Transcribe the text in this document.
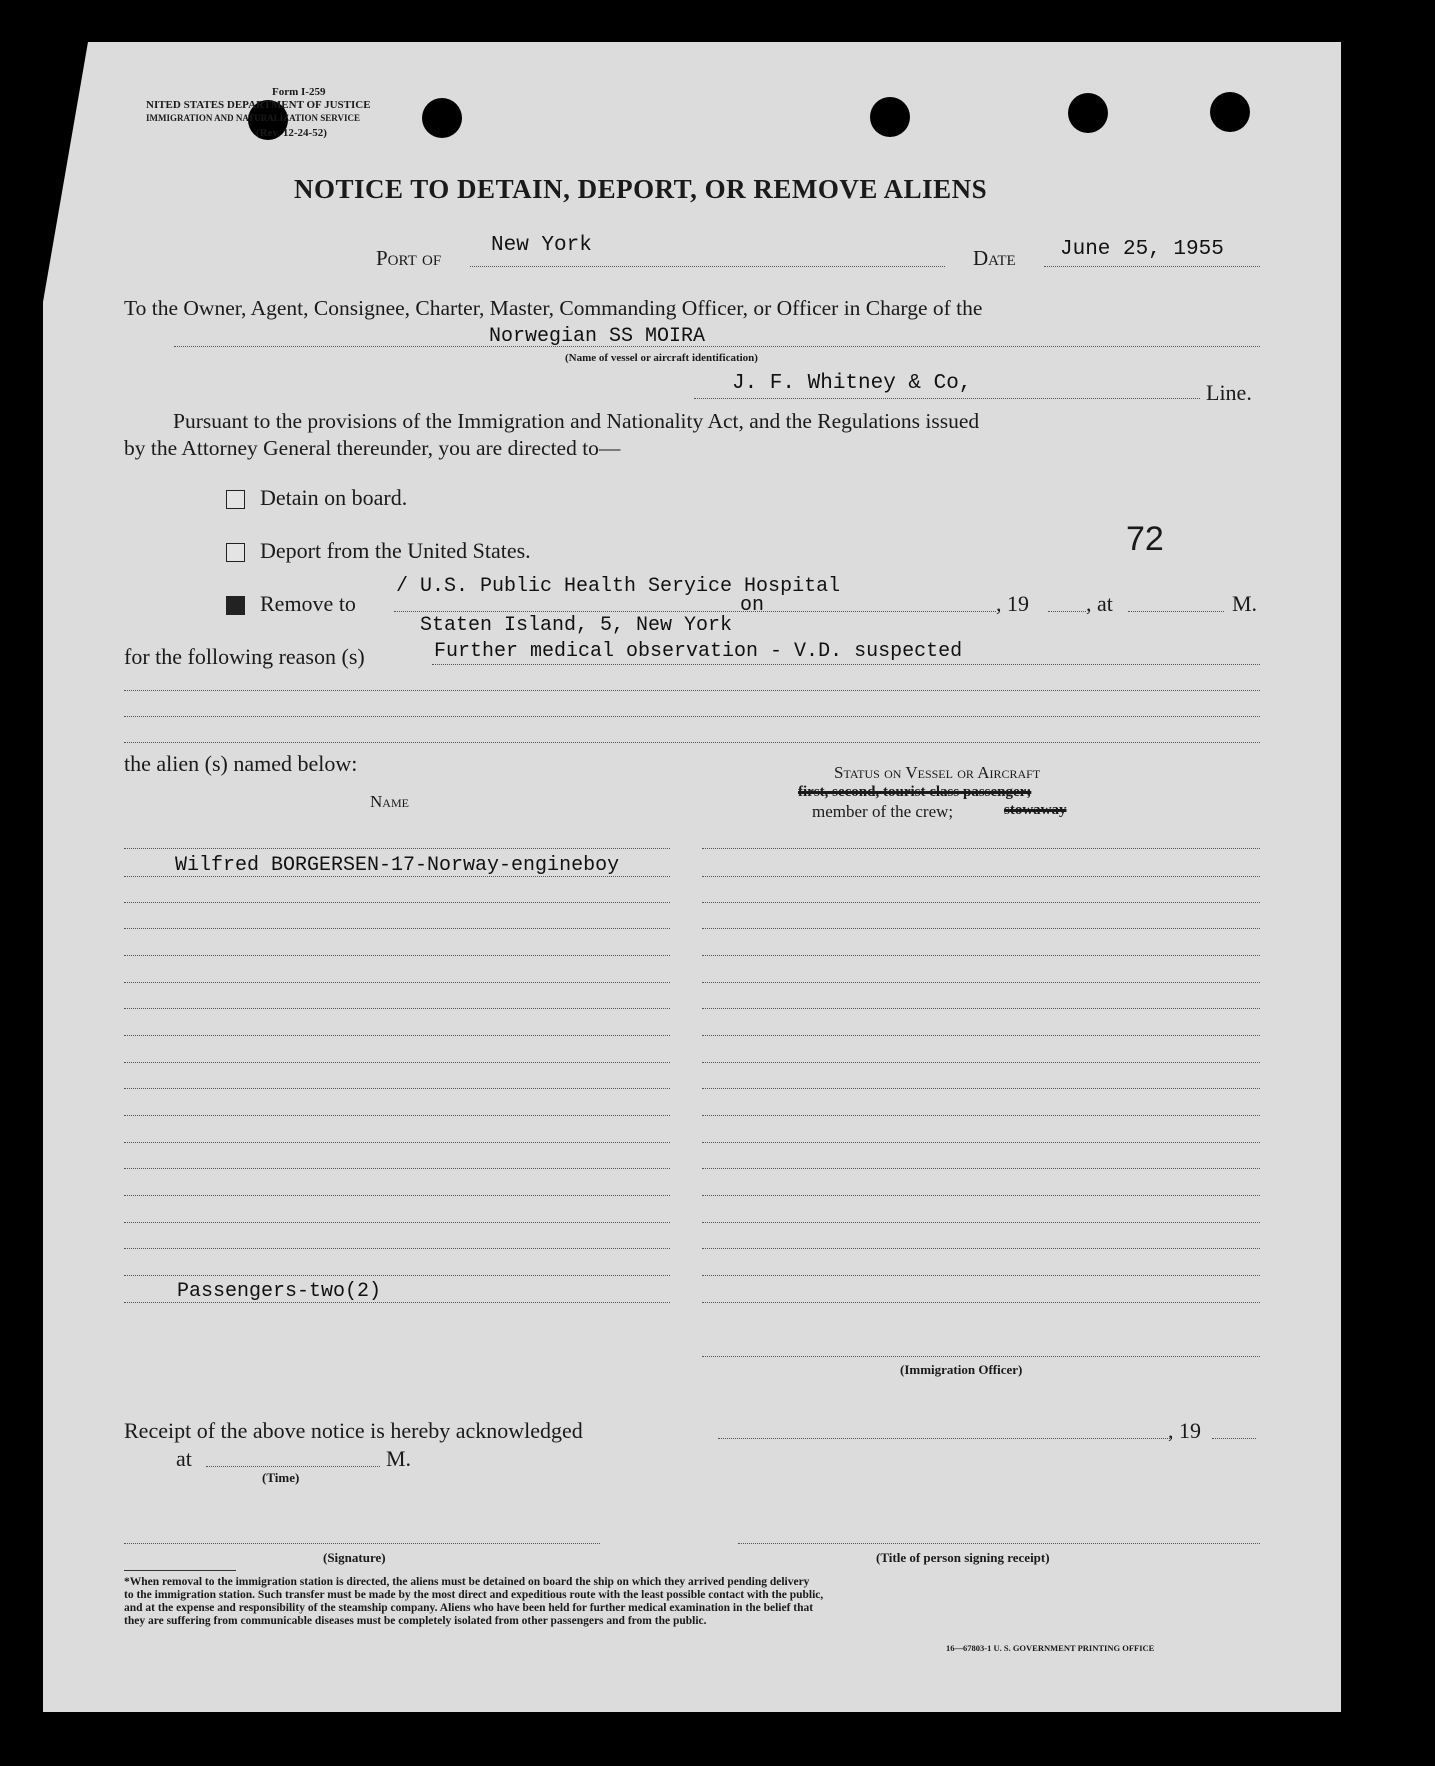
Form I-259
NITED STATES DEPARTMENT OF JUSTICE
IMMIGRATION AND NATURALIZATION SERVICE
(Rev. 12-24-52)
NOTICE TO DETAIN, DEPORT, OR REMOVE ALIENS
Port of
New York
Date June 25, 1955
To the Owner, Agent, Consignee, Charter, Master, Commanding Officer, or Officer in Charge of the
Norwegian SS MOIRA
(Name of vessel or aircraft identification)
J. F. Whitney & Co,	Line.
Pursuant to the provisions of the Immigration and Nationality Act, and the Regulations issued
by the Attorney General thereunder, you are directed to—
Detain on board.
Deport from the United States.	72
Remove to
/ U.S. Public Health Seryice Hospital
on	, 19	, at	M.
Staten Island, 5, New York
for the following reason (s)	Further medical observation - V.D. suspected
the alien (s) named below:
Name
Status on Vessel or Aircraft
first, second, tourist class passenger;
member of the crew;	stowaway
Wilfred BORGERSEN-17-Norway-engineboy
Passengers-two(2)
(Immigration Officer)
Receipt of the above notice is hereby acknowledged	, 19
at	M.
(Time)
(Signature)	(Title of person signing receipt)
*When removal to the immigration station is directed, the aliens must be detained on board the ship on which they arrived pending delivery
to the immigration station. Such transfer must be made by the most direct and expeditious route with the least possible contact with the public,
and at the expense and responsibility of the steamship company. Aliens who have been held for further medical examination in the belief that
they are suffering from communicable diseases must be completely isolated from other passengers and from the public.
16—67803-1 U. S. GOVERNMENT PRINTING OFFICE
